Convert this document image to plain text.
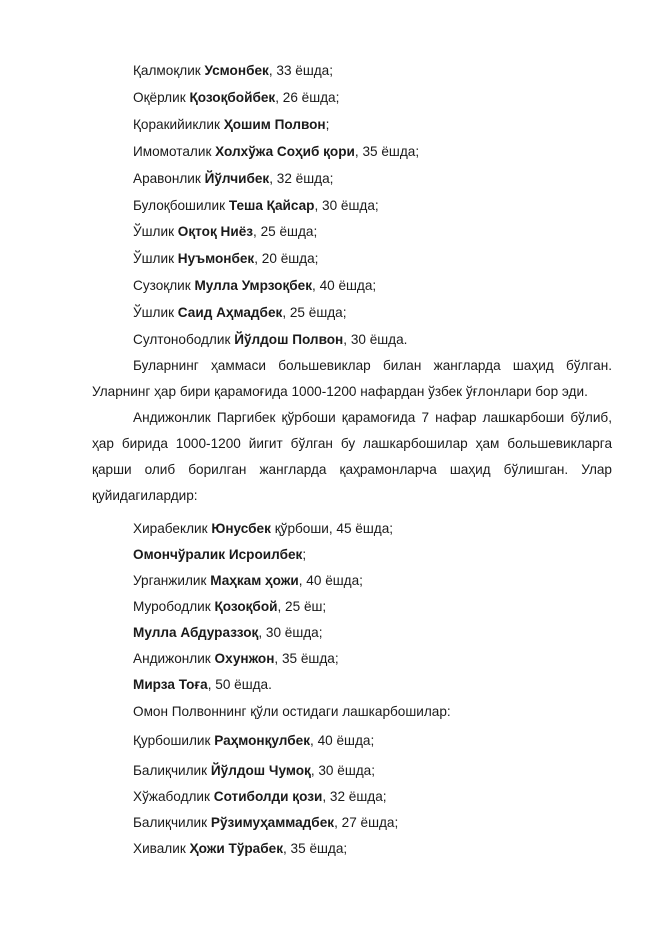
Қалмоқлик Усмонбек, 33 ёшда;
Оқёрлик Қозоқбойбек, 26 ёшда;
Қоракийиклик Ҳошим Полвон;
Имомоталик Холхўжа Соҳиб қори, 35 ёшда;
Аравонлик Йўлчибек, 32 ёшда;
Булоқбошилик Теша Қайсар, 30 ёшда;
Ўшлик Оқтоқ Ниёз, 25 ёшда;
Ўшлик Нуъмонбек, 20 ёшда;
Сузоқлик Мулла Умрзоқбек, 40 ёшда;
Ўшлик Саид Аҳмадбек, 25 ёшда;
Султонободлик Йўлдош Полвон, 30 ёшда.
Буларнинг ҳаммаси большевиклар билан жангларда шаҳид бўлган. Уларнинг ҳар бири қарамоғида 1000-1200 нафардан ўзбек ўғлонлари бор эди.
Андижонлик Паргибек қўрбоши қарамоғида 7 нафар лашкарбоши бўлиб, ҳар бирида 1000-1200 йигит бўлган бу лашкарбошилар ҳам большевикларга қарши олиб борилган жангларда қаҳрамонларча шаҳид бўлишган. Улар қуйидагилардир:
Хирабеклик Юнусбек қўрбоши, 45 ёшда;
Омончўралик Исроилбек;
Урганжилик Маҳкам ҳожи, 40 ёшда;
Мурободлик Қозоқбой, 25 ёш;
Мулла Абдураззоқ, 30 ёшда;
Андижонлик Охунжон, 35 ёшда;
Мирза Тоға, 50 ёшда.
Омон Полвоннинг қўли остидаги лашкарбошилар:
Қурбошилик Раҳмонқулбек, 40 ёшда;
Балиқчилик Йўлдош Чумоқ, 30 ёшда;
Хўжабодлик Сотиболди қози, 32 ёшда;
Балиқчилик Рўзимуҳаммадбек, 27 ёшда;
Хивалик Ҳожи Тўрабек, 35 ёшда;
